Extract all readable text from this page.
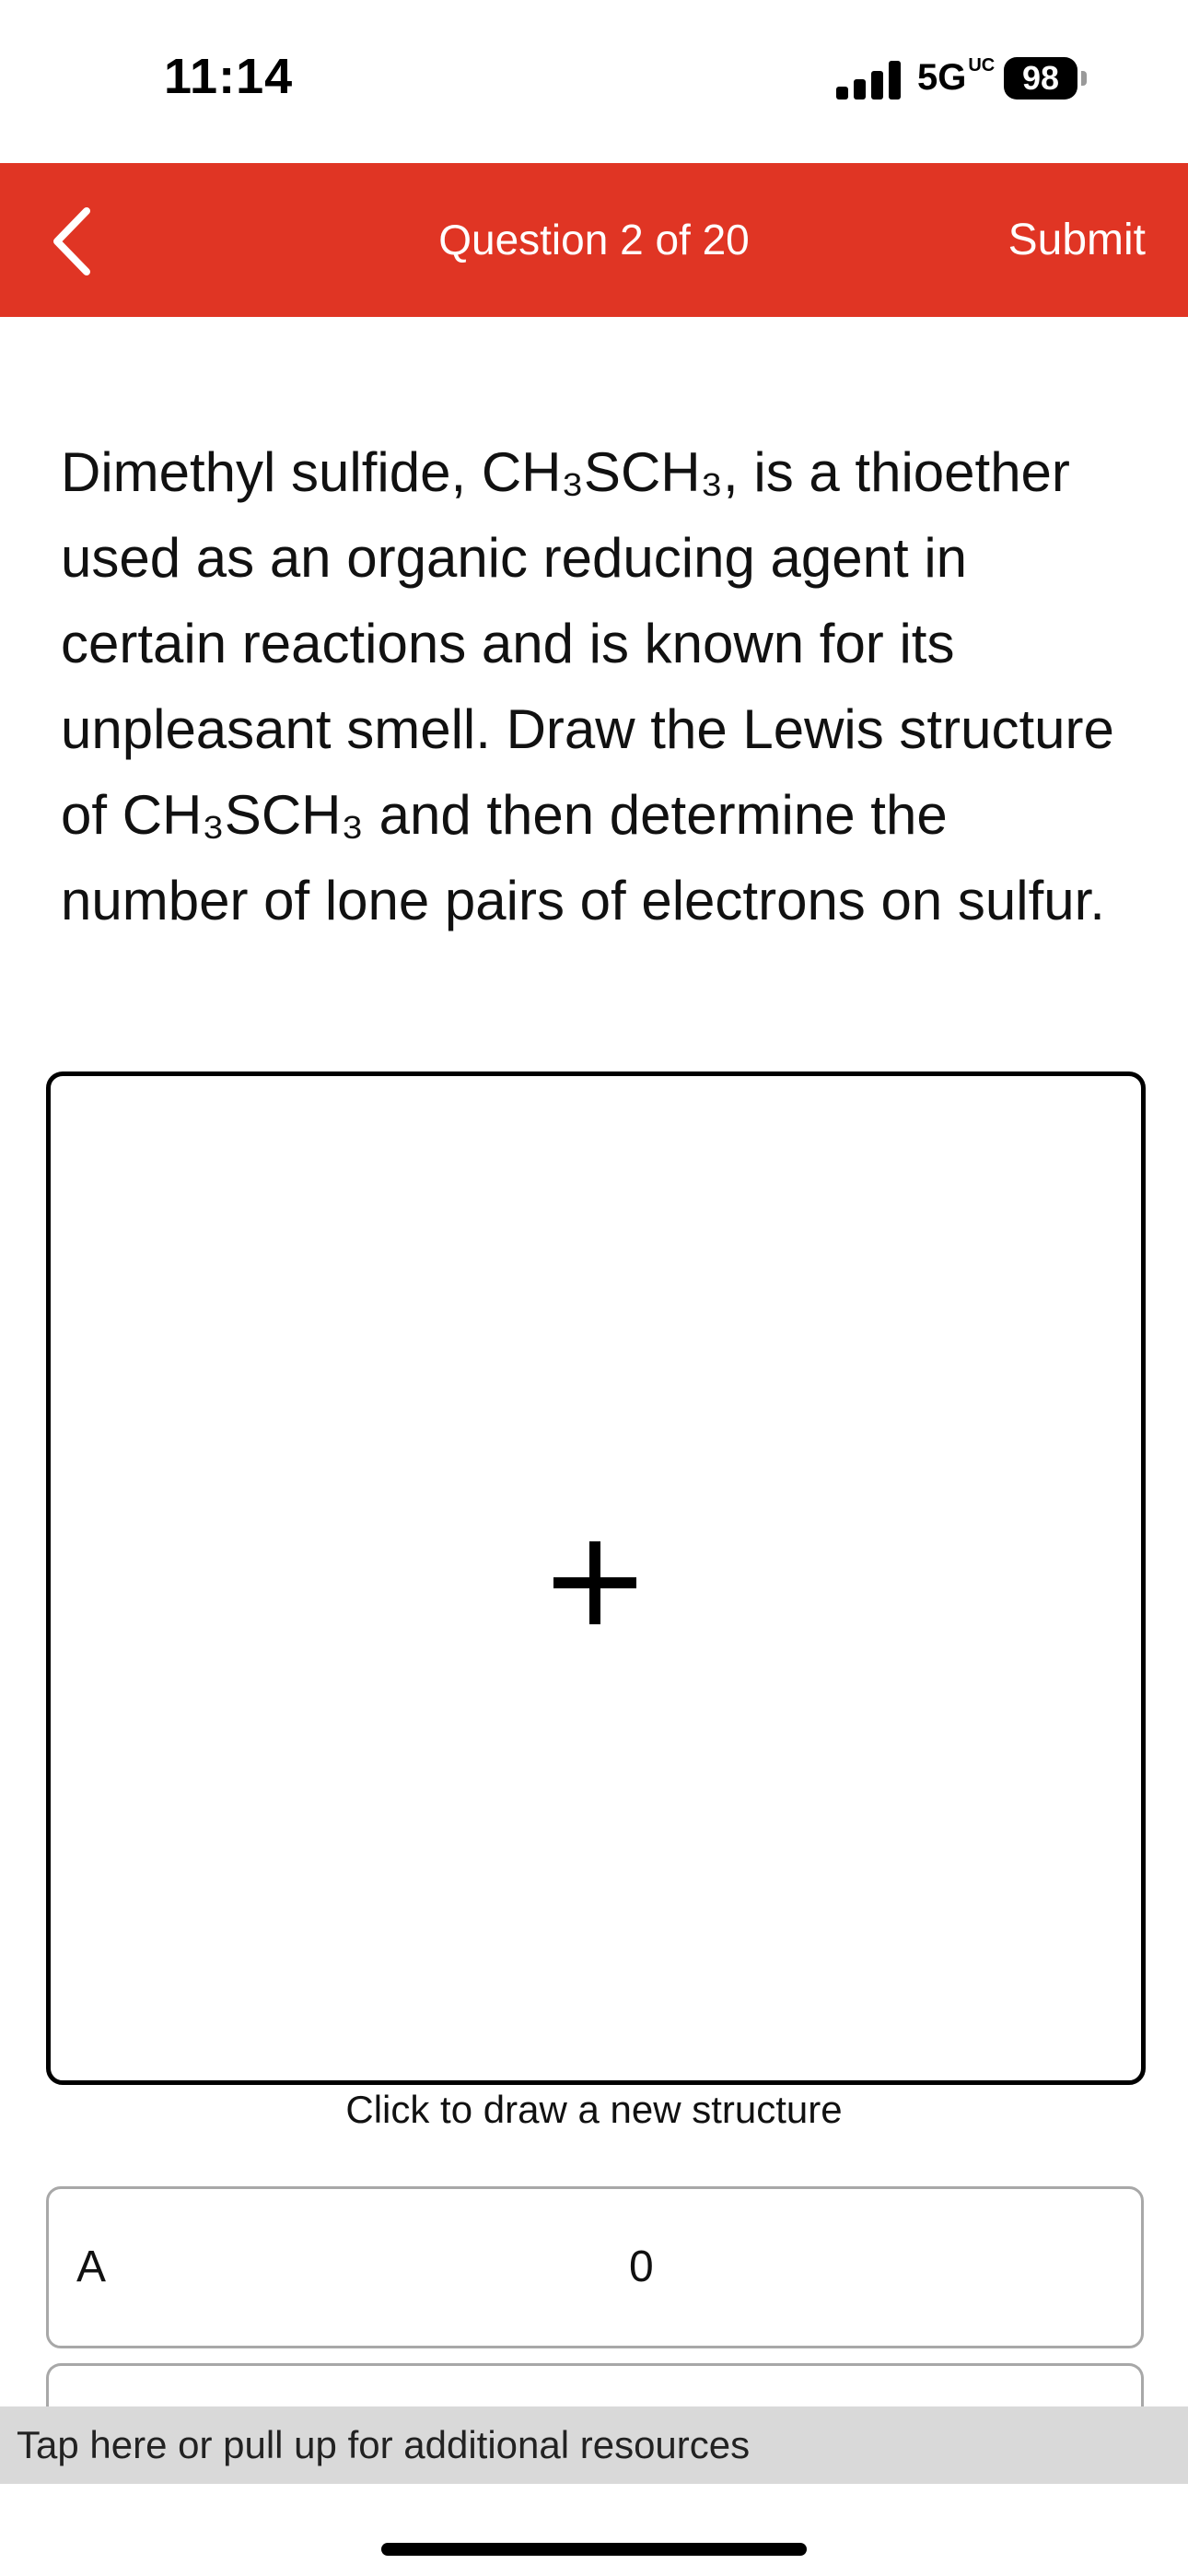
11:14	5G UC 98
Question 2 of 20	Submit
Dimethyl sulfide, CH₃SCH₃, is a thioether used as an organic reducing agent in certain reactions and is known for its unpleasant smell. Draw the Lewis structure of CH₃SCH₃ and then determine the number of lone pairs of electrons on sulfur.
Click to draw a new structure
A	0
Tap here or pull up for additional resources
